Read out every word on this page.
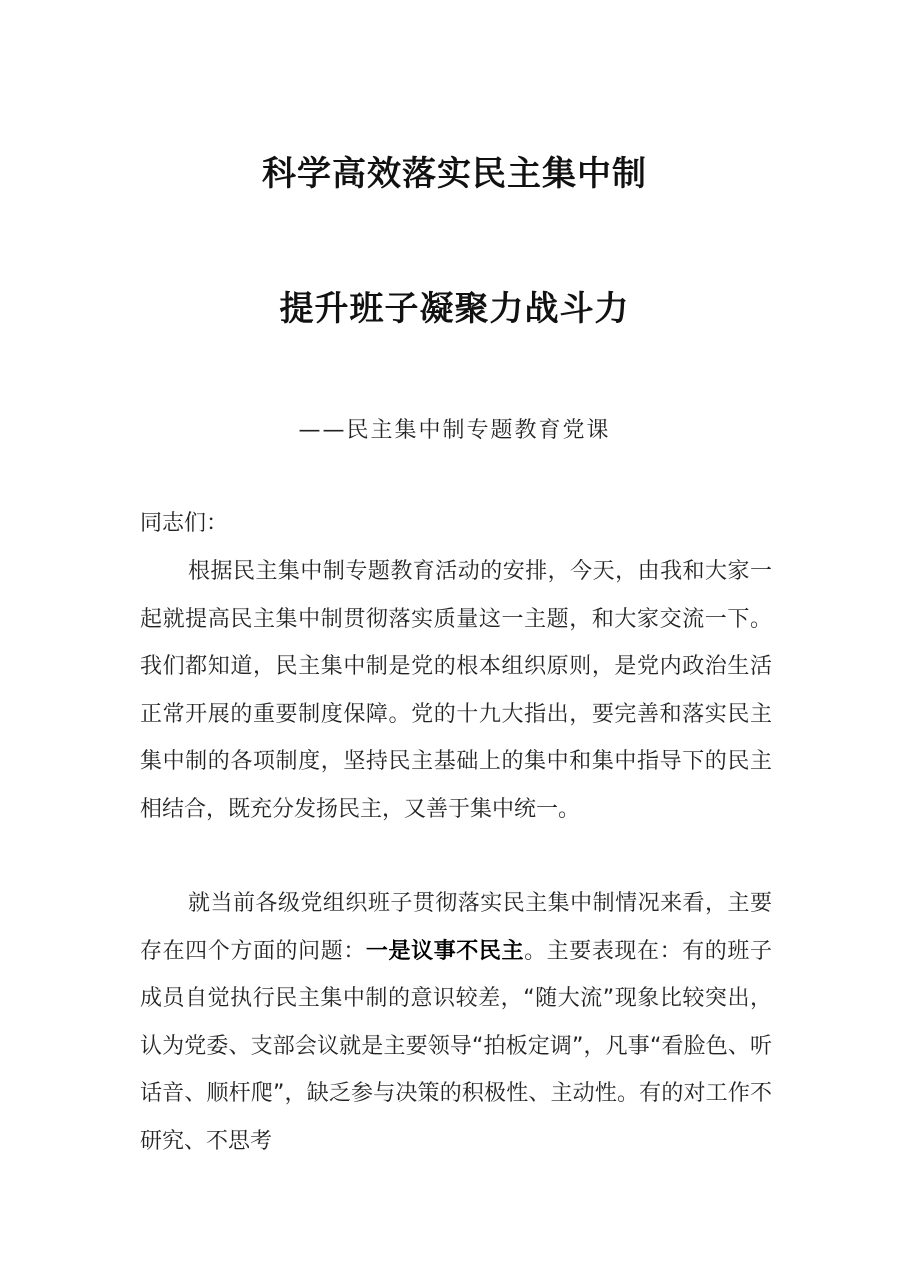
科学高效落实民主集中制
提升班子凝聚力战斗力
——民主集中制专题教育党课
同志们：

根据民主集中制专题教育活动的安排，今天，由我和大家一起就提高民主集中制贯彻落实质量这一主题，和大家交流一下。我们都知道，民主集中制是党的根本组织原则，是党内政治生活正常开展的重要制度保障。党的十九大指出，要完善和落实民主集中制的各项制度，坚持民主基础上的集中和集中指导下的民主相结合，既充分发扬民主，又善于集中统一。

就当前各级党组织班子贯彻落实民主集中制情况来看，主要存在四个方面的问题：一是议事不民主。主要表现在：有的班子成员自觉执行民主集中制的意识较差，“随大流”现象比较突出，认为党委、支部会议就是主要领导“拍板定调”，凡事“看脸色、听话音、顺杆爬”，缺乏参与决策的积极性、主动性。有的对工作不研究、不思考
